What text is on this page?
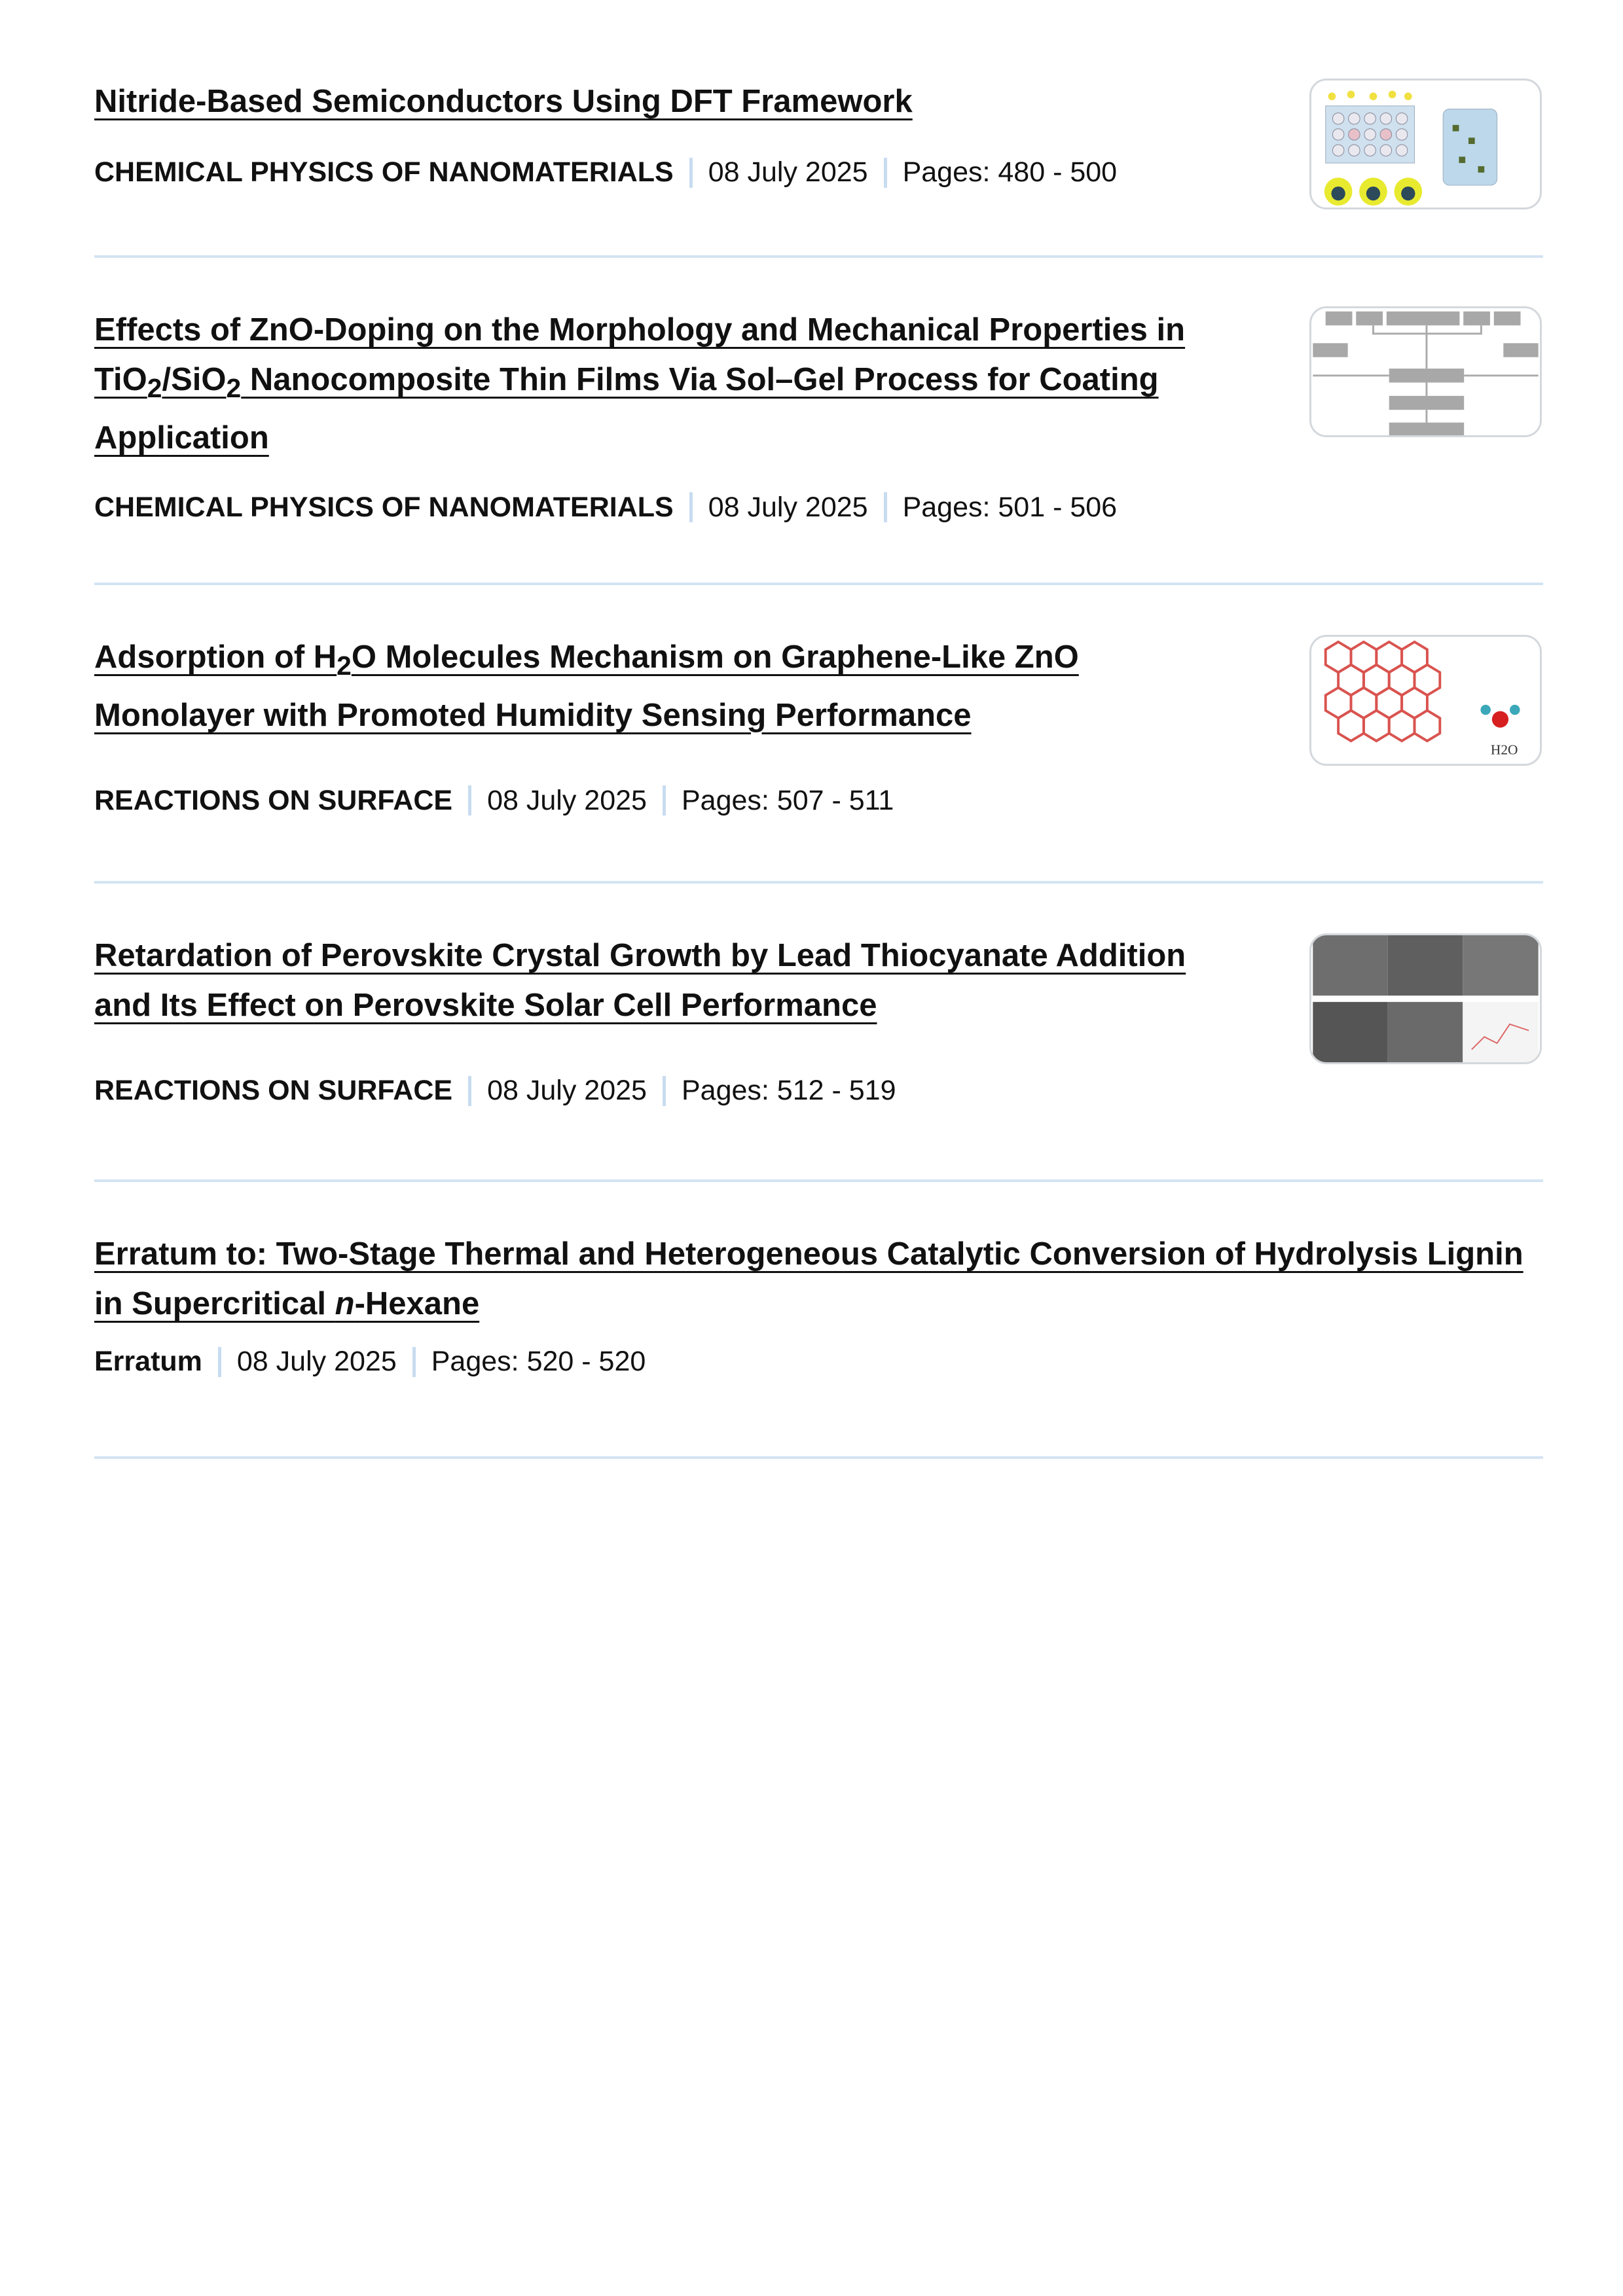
Nitride-Based Semiconductors Using DFT Framework
CHEMICAL PHYSICS OF NANOMATERIALS 08 July 2025 Pages: 480 - 500
Effects of ZnO-Doping on the Morphology and Mechanical Properties in TiO$_2$/SiO$_2$ Nanocomposite Thin Films Via Sol–Gel Process for Coating Application
CHEMICAL PHYSICS OF NANOMATERIALS 08 July 2025 Pages: 501 - 506
Adsorption of $H_2O$ Molecules Mechanism on Graphene-Like ZnO Monolayer with Promoted Humidity Sensing Performance
REACTIONS ON SURFACE 08 July 2025 Pages: 507 - 511
H2O
Retardation of Perovskite Crystal Growth by Lead Thiocyanate Addition and Its Effect on Perovskite Solar Cell Performance
REACTIONS ON SURFACE 08 July 2025 Pages: 512 - 519
Erratum to: Two-Stage Thermal and Heterogeneous Catalytic Conversion of Hydrolysis Lignin in Supercritical n-Hexane
Erratum 08 July 2025 Pages: 520 - 520
